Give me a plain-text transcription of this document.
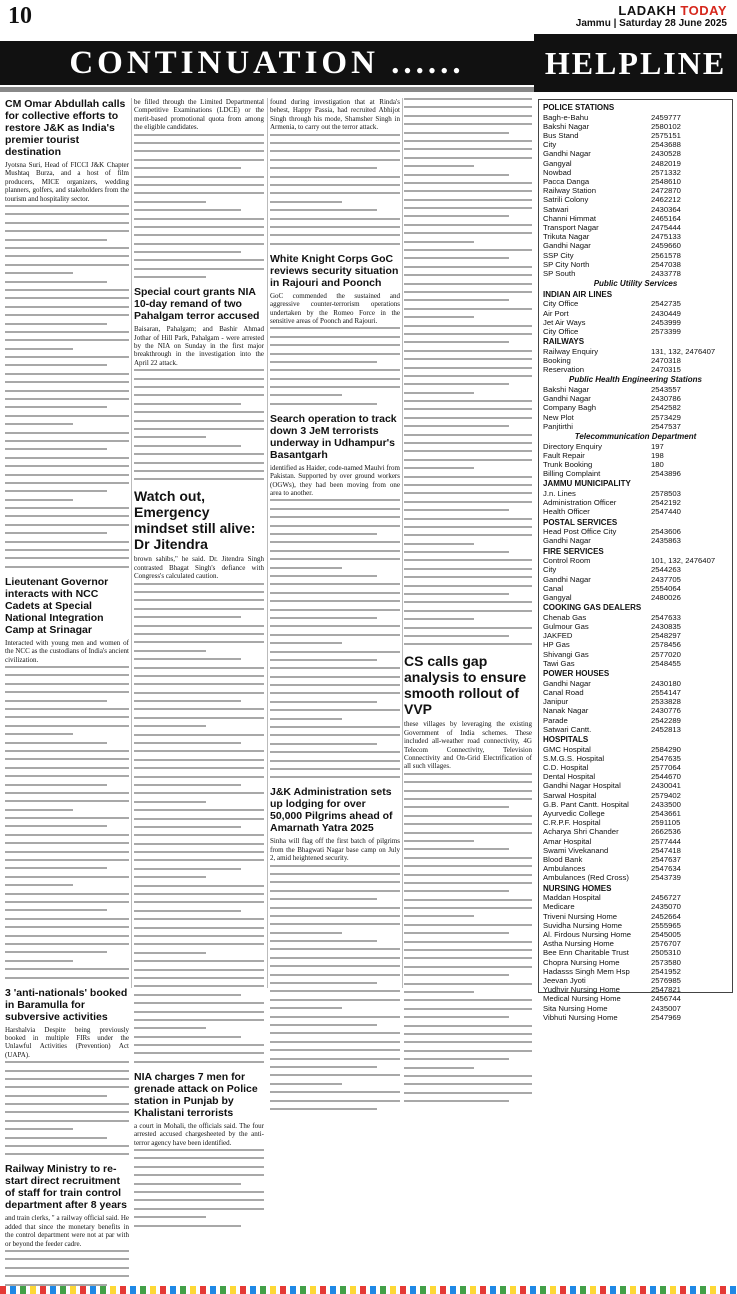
10	LADAKH TODAY
Jammu | Saturday 28 June 2025
CONTINUATION ......
CM Omar Abdullah calls for collective efforts to restore J&K as India's premier tourist destination

Jyotsna Suri, Head of FICCI J&K Chapter Mushtaq Burza, and a host of film producers, MICE organizers, wedding planners, golfers, and stakeholders from the tourism and hospitality sector.

Lieutenant Governor interacts with NCC Cadets at Special National Integration Camp at Srinagar

Interacted with young men and women of the NCC as the custodians of India's ancient civilization.

3 'anti-nationals' booked in Baramulla for subversive activities

Harshalvia Despite being previously booked in multiple FIRs under the Unlawful Activities (Prevention) Act (UAPA).

Railway Ministry to re-start direct recruitment of staff for train control department after 8 years

and train clerks, " a railway official said. He added that since the monetary benefits in the control department were not at par with or beyond the feeder cadre.

be filled through the Limited Departmental Competitive Examinations (LDCE) or the merit-based promotional quota from among the eligible candidates.

Special court grants NIA 10-day remand of two Pahalgam terror accused

Baisaran, Pahalgam; and Bashir Ahmad Jothar of Hill Park, Pahalgam - were arrested by the NIA on Sunday in the first major breakthrough in the investigation into the April 22 attack.

Watch out, Emergency mindset still alive: Dr Jitendra

brown sahibs," he said. Dr. Jitendra Singh contrasted Bhagat Singh's defiance with Congress's calculated caution.

NIA charges 7 men for grenade attack on Police station in Punjab by Khalistani terrorists

a court in Mohali, the officials said. The four arrested accused chargesheeted by the anti-terror agency have been identified.

found during investigation that at Rinda's behest, Happy Passia, had recruited Abhijot Singh through his mode, Shamsher Singh in Armenia, to carry out the terror attack.

White Knight Corps GoC reviews security situation in Rajouri and Poonch

GoC commended the sustained and aggressive counter-terrorism operations undertaken by the Romeo Force in the sensitive areas of Poonch and Rajouri.

Search operation to track down 3 JeM terrorists underway in Udhampur's Basantgarh

identified as Haider, code-named Maulvi from Pakistan. Supported by over ground workers (OGWs), they had been moving from one area to another.

J&K Administration sets up lodging for over 50,000 Pilgrims ahead of Amarnath Yatra 2025

Sinha will flag off the first batch of pilgrims from the Bhagwati Nagar base camp on July 2, amid heightened security.

CS calls gap analysis to ensure smooth rollout of VVP

these villages by leveraging the existing Government of India schemes. These included all-weather road connectivity, 4G Telecom Connectivity, Television Connectivity and On-Grid Electrification of all such villages.

HELPLINE
POLICE STATIONS
Bagh-e-Bahu	2459777
Bakshi Nagar	2580102
Bus Stand	2575151
City	2543688
Gandhi Nagar	2430528
Gangyal	2482019
Nowbad	2571332
Pacca Danga	2548610
Railway Station	2472870
Satrili Colony	2462212
Satwari	2430364
Channi Himmat	2465164
Transport Nagar	2475444
Trikuta Nagar	2475133
Gandhi Nagar	2459660
SSP City	2561578
SP City North	2547038
SP South	2433778
Public Utility Services
INDIAN AIR LINES
City Office	2542735
Air Port	2430449
Jet Air Ways	2453999
City Office	2573399
RAILWAYS
Railway Enquiry	131, 132, 2476407
Booking	2470318
Reservation	2470315
Public Health Engineering Stations
Bakshi Nagar	2543557
Gandhi Nagar	2430786
Company Bagh	2542582
New Plot	2573429
Panjtirthi	2547537
Telecommunication Department
Directory Enquiry	197
Fault Repair	198
Trunk Booking	180
Billing Complaint	2543896
JAMMU MUNICIPALITY
J.n. Lines	2578503
Administration Officer	2542192
Health Officer	2547440
POSTAL SERVICES
Head Post Office City	2543606
Gandhi Nagar	2435863
FIRE SERVICES
Control Room	101, 132, 2476407
City	2544263
Gandhi Nagar	2437705
Canal	2554064
Gangyal	2480026
COOKING GAS DEALERS
Chenab Gas	2547633
Gulmour Gas	2430835
JAKFED	2548297
HP Gas	2578456
Shivangi Gas	2577020
Tawi Gas	2548455
POWER HOUSES
Gandhi Nagar	2430180
Canal Road	2554147
Janipur	2533828
Nanak Nagar	2430776
Parade	2542289
Satwari Cantt.	2452813
HOSPITALS
GMC Hospital	2584290
S.M.G.S. Hospital	2547635
C.D. Hospital	2577064
Dental Hospital	2544670
Gandhi Nagar Hospital	2430041
Sarwal Hospital	2579402
G.B. Pant Cantt. Hospital	2433500
Ayurvedic College	2543661
C.R.P.F. Hospital	2591105
Acharya Shri Chander	2662536
Amar Hospital	2577444
Swami Vivekanand	2547418
Blood Bank	2547637
Ambulances	2547634
Ambulances (Red Cross)	2543739
NURSING HOMES
Maddan Hospital	2456727
Medicare	2435070
Triveni Nursing Home	2452664
Suvidha Nursing Home	2555965
Al. Firdous Nursing Home	2545005
Astha Nursing Home	2576707
Bee Enn Charitable Trust	2505310
Chopra Nursing Home	2573580
Hadasss Singh Mem Hsp	2541952
Jeevan Jyoti	2576985
Yudhvir Nursing Home	2547821
Medical Nursing Home	2456744
Sita Nursing Home	2435007
Vibhuti Nursing Home	2547969
